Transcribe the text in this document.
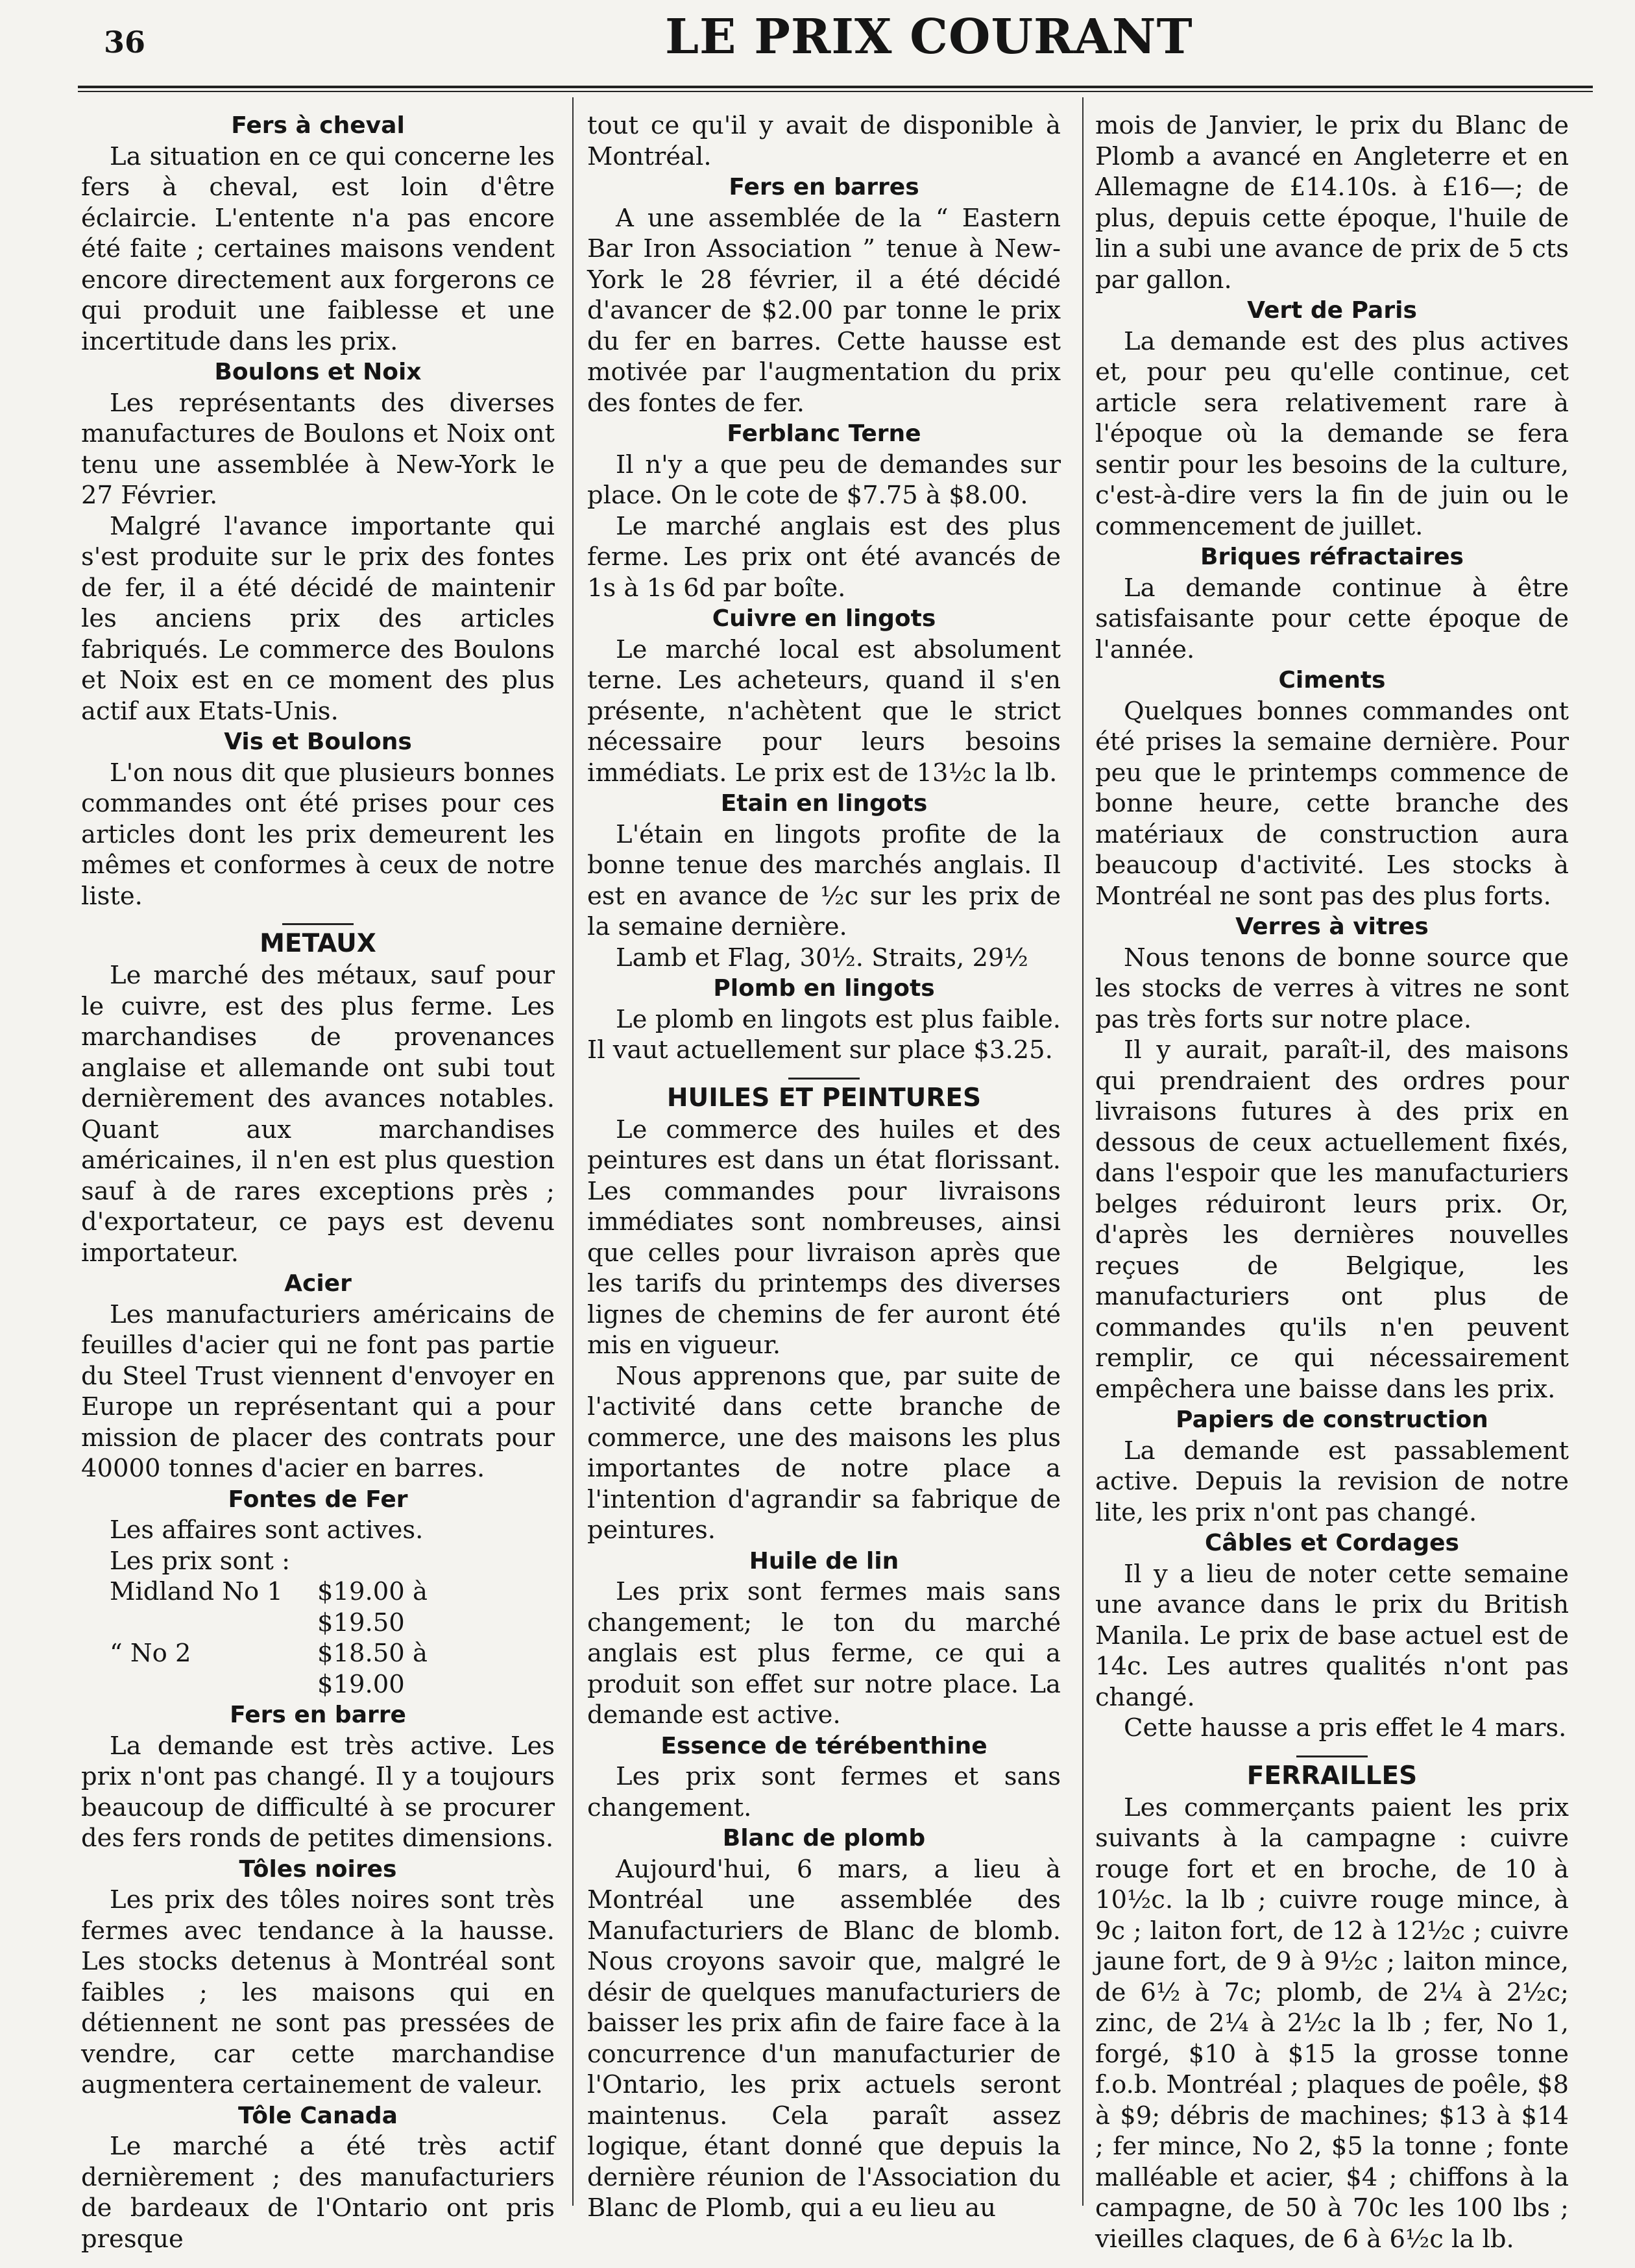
36	LE PRIX COURANT
Fers à cheval

La situation en ce qui concerne les fers à cheval, est loin d'être éclaircie. L'entente n'a pas encore été faite ; certaines maisons vendent encore directement aux forgerons ce qui produit une faiblesse et une incertitude dans les prix.

Boulons et Noix

Les représentants des diverses manufactures de Boulons et Noix ont tenu une assemblée à New-York le 27 Février.

Malgré l'avance importante qui s'est produite sur le prix des fontes de fer, il a été décidé de maintenir les anciens prix des articles fabriqués. Le commerce des Boulons et Noix est en ce moment des plus actif aux Etats-Unis.

Vis et Boulons

L'on nous dit que plusieurs bonnes commandes ont été prises pour ces articles dont les prix demeurent les mêmes et conformes à ceux de notre liste.

METAUX

Le marché des métaux, sauf pour le cuivre, est des plus ferme. Les marchandises de provenances anglaise et allemande ont subi tout dernièrement des avances notables. Quant aux marchandises américaines, il n'en est plus question sauf à de rares exceptions près ; d'exportateur, ce pays est devenu importateur.

Acier

Les manufacturiers américains de feuilles d'acier qui ne font pas partie du Steel Trust viennent d'envoyer en Europe un représentant qui a pour mission de placer des contrats pour 40000 tonnes d'acier en barres.

Fontes de Fer

Les affaires sont actives.

Les prix sont :

Midland No 1	$19.00 à $19.50
“ No 2	$18.50 à $19.00
Fers en barre

La demande est très active. Les prix n'ont pas changé. Il y a toujours beaucoup de difficulté à se procurer des fers ronds de petites dimensions.

Tôles noires

Les prix des tôles noires sont très fermes avec tendance à la hausse. Les stocks detenus à Montréal sont faibles ; les maisons qui en détiennent ne sont pas pressées de vendre, car cette marchandise augmentera certainement de valeur.

Tôle Canada

Le marché a été très actif dernièrement ; des manufacturiers de bardeaux de l'Ontario ont pris presque

tout ce qu'il y avait de disponible à Montréal.

Fers en barres

A une assemblée de la “ Eastern Bar Iron Association ” tenue à New-York le 28 février, il a été décidé d'avancer de $2.00 par tonne le prix du fer en barres. Cette hausse est motivée par l'augmentation du prix des fontes de fer.

Ferblanc Terne

Il n'y a que peu de demandes sur place. On le cote de $7.75 à $8.00.

Le marché anglais est des plus ferme. Les prix ont été avancés de 1s à 1s 6d par boîte.

Cuivre en lingots

Le marché local est absolument terne. Les acheteurs, quand il s'en présente, n'achètent que le strict nécessaire pour leurs besoins immédiats. Le prix est de 13½c la lb.

Etain en lingots

L'étain en lingots profite de la bonne tenue des marchés anglais. Il est en avance de ½c sur les prix de la semaine dernière.

Lamb et Flag, 30½. Straits, 29½

Plomb en lingots

Le plomb en lingots est plus faible. Il vaut actuellement sur place $3.25.

HUILES ET PEINTURES

Le commerce des huiles et des peintures est dans un état florissant. Les commandes pour livraisons immédiates sont nombreuses, ainsi que celles pour livraison après que les tarifs du printemps des diverses lignes de chemins de fer auront été mis en vigueur.

Nous apprenons que, par suite de l'activité dans cette branche de commerce, une des maisons les plus importantes de notre place a l'intention d'agrandir sa fabrique de peintures.

Huile de lin

Les prix sont fermes mais sans changement; le ton du marché anglais est plus ferme, ce qui a produit son effet sur notre place. La demande est active.

Essence de térébenthine

Les prix sont fermes et sans changement.

Blanc de plomb

Aujourd'hui, 6 mars, a lieu à Montréal une assemblée des Manufacturiers de Blanc de blomb. Nous croyons savoir que, malgré le désir de quelques manufacturiers de baisser les prix afin de faire face à la concurrence d'un manufacturier de l'Ontario, les prix actuels seront maintenus. Cela paraît assez logique, étant donné que depuis la dernière réunion de l'Association du Blanc de Plomb, qui a eu lieu au

mois de Janvier, le prix du Blanc de Plomb a avancé en Angleterre et en Allemagne de £14.10s. à £16—; de plus, depuis cette époque, l'huile de lin a subi une avance de prix de 5 cts par gallon.

Vert de Paris

La demande est des plus actives et, pour peu qu'elle continue, cet article sera relativement rare à l'époque où la demande se fera sentir pour les besoins de la culture, c'est-à-dire vers la fin de juin ou le commencement de juillet.

Briques réfractaires

La demande continue à être satisfaisante pour cette époque de l'année.

Ciments

Quelques bonnes commandes ont été prises la semaine dernière. Pour peu que le printemps commence de bonne heure, cette branche des matériaux de construction aura beaucoup d'activité. Les stocks à Montréal ne sont pas des plus forts.

Verres à vitres

Nous tenons de bonne source que les stocks de verres à vitres ne sont pas très forts sur notre place.

Il y aurait, paraît-il, des maisons qui prendraient des ordres pour livraisons futures à des prix en dessous de ceux actuellement fixés, dans l'espoir que les manufacturiers belges réduiront leurs prix. Or, d'après les dernières nouvelles reçues de Belgique, les manufacturiers ont plus de commandes qu'ils n'en peuvent remplir, ce qui nécessairement empêchera une baisse dans les prix.

Papiers de construction

La demande est passablement active. Depuis la revision de notre lite, les prix n'ont pas changé.

Câbles et Cordages

Il y a lieu de noter cette semaine une avance dans le prix du British Manila. Le prix de base actuel est de 14c. Les autres qualités n'ont pas changé.

Cette hausse a pris effet le 4 mars.

FERRAILLES

Les commerçants paient les prix suivants à la campagne : cuivre rouge fort et en broche, de 10 à 10½c. la lb ; cuivre rouge mince, à 9c ; laiton fort, de 12 à 12½c ; cuivre jaune fort, de 9 à 9½c ; laiton mince, de 6½ à 7c; plomb, de 2¼ à 2½c; zinc, de 2¼ à 2½c la lb ; fer, No 1, forgé, $10 à $15 la grosse tonne f.o.b. Montréal ; plaques de poêle, $8 à $9; débris de machines; $13 à $14 ; fer mince, No 2, $5 la tonne ; fonte malléable et acier, $4 ; chiffons à la campagne, de 50 à 70c les 100 lbs ; vieilles claques, de 6 à 6½c la lb.
